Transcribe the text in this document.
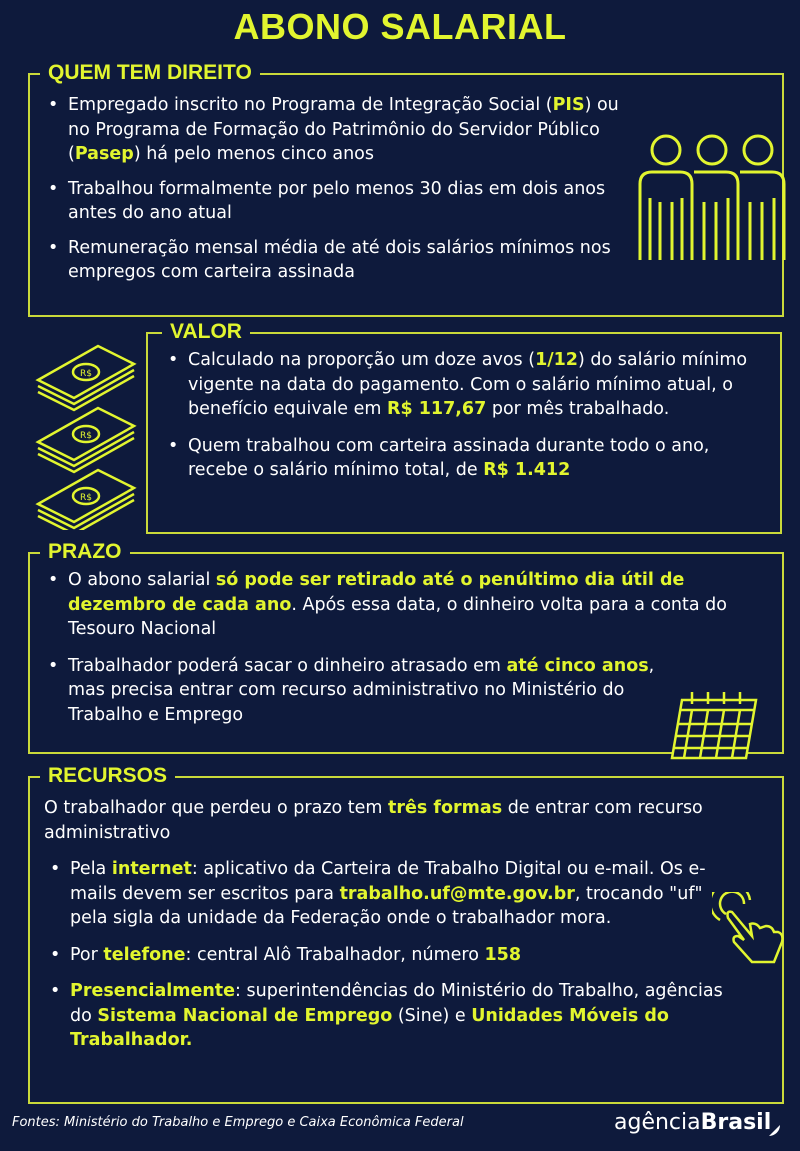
ABONO SALARIAL
QUEM TEM DIREITO
• Empregado inscrito no Programa de Integração Social (PIS) ou no Programa de Formação do Patrimônio do Servidor Público (Pasep) há pelo menos cinco anos
• Trabalhou formalmente por pelo menos 30 dias em dois anos antes do ano atual
• Remuneração mensal média de até dois salários mínimos nos empregos com carteira assinada
VALOR
• Calculado na proporção um doze avos (1/12) do salário mínimo vigente na data do pagamento. Com o salário mínimo atual, o benefício equivale em R$ 117,67 por mês trabalhado.
• Quem trabalhou com carteira assinada durante todo o ano, recebe o salário mínimo total, de R$ 1.412
R$
R$
R$
PRAZO
• O abono salarial só pode ser retirado até o penúltimo dia útil de dezembro de cada ano. Após essa data, o dinheiro volta para a conta do Tesouro Nacional
• Trabalhador poderá sacar o dinheiro atrasado em até cinco anos, mas precisa entrar com recurso administrativo no Ministério do Trabalho e Emprego
RECURSOS

O trabalhador que perdeu o prazo tem três formas de entrar com recurso administrativo

• Pela internet: aplicativo da Carteira de Trabalho Digital ou e-mail. Os e-mails devem ser escritos para trabalho.uf@mte.gov.br, trocando "uf" pela sigla da unidade da Federação onde o trabalhador mora.
• Por telefone: central Alô Trabalhador, número 158
• Presencialmente: superintendências do Ministério do Trabalho, agências do Sistema Nacional de Emprego (Sine) e Unidades Móveis do Trabalhador.
Fontes: Ministério do Trabalho e Emprego e Caixa Econômica Federal	agênciaBrasil
